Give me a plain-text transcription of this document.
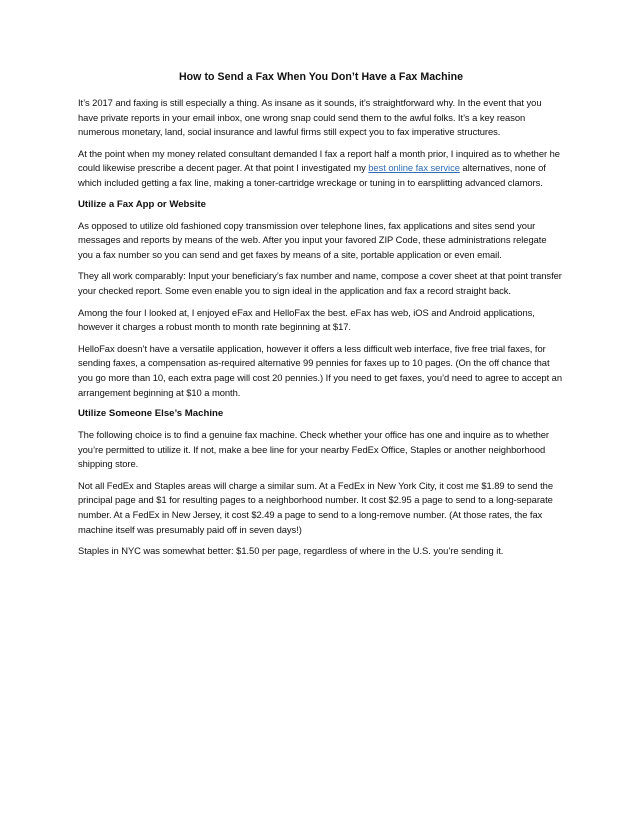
How to Send a Fax When You Don’t Have a Fax Machine

It’s 2017 and faxing is still especially a thing. As insane as it sounds, it’s straightforward why. In the event that you have private reports in your email inbox, one wrong snap could send them to the awful folks. It’s a key reason numerous monetary, land, social insurance and lawful firms still expect you to fax imperative structures.

At the point when my money related consultant demanded I fax a report half a month prior, I inquired as to whether he could likewise prescribe a decent pager. At that point I investigated my best online fax service alternatives, none of which included getting a fax line, making a toner-cartridge wreckage or tuning in to earsplitting advanced clamors.

Utilize a Fax App or Website

As opposed to utilize old fashioned copy transmission over telephone lines, fax applications and sites send your messages and reports by means of the web. After you input your favored ZIP Code, these administrations relegate you a fax number so you can send and get faxes by means of a site, portable application or even email.

They all work comparably: Input your beneficiary’s fax number and name, compose a cover sheet at that point transfer your checked report. Some even enable you to sign ideal in the application and fax a record straight back.

Among the four I looked at, I enjoyed eFax and HelloFax the best. eFax has web, iOS and Android applications, however it charges a robust month to month rate beginning at $17.

HelloFax doesn’t have a versatile application, however it offers a less difficult web interface, five free trial faxes, for sending faxes, a compensation as-required alternative 99 pennies for faxes up to 10 pages. (On the off chance that you go more than 10, each extra page will cost 20 pennies.) If you need to get faxes, you’d need to agree to accept an arrangement beginning at $10 a month.

Utilize Someone Else’s Machine

The following choice is to find a genuine fax machine. Check whether your office has one and inquire as to whether you’re permitted to utilize it. If not, make a bee line for your nearby FedEx Office, Staples or another neighborhood shipping store.

Not all FedEx and Staples areas will charge a similar sum. At a FedEx in New York City, it cost me $1.89 to send the principal page and $1 for resulting pages to a neighborhood number. It cost $2.95 a page to send to a long-separate number. At a FedEx in New Jersey, it cost $2.49 a page to send to a long-remove number. (At those rates, the fax machine itself was presumably paid off in seven days!)

Staples in NYC was somewhat better: $1.50 per page, regardless of where in the U.S. you’re sending it.
